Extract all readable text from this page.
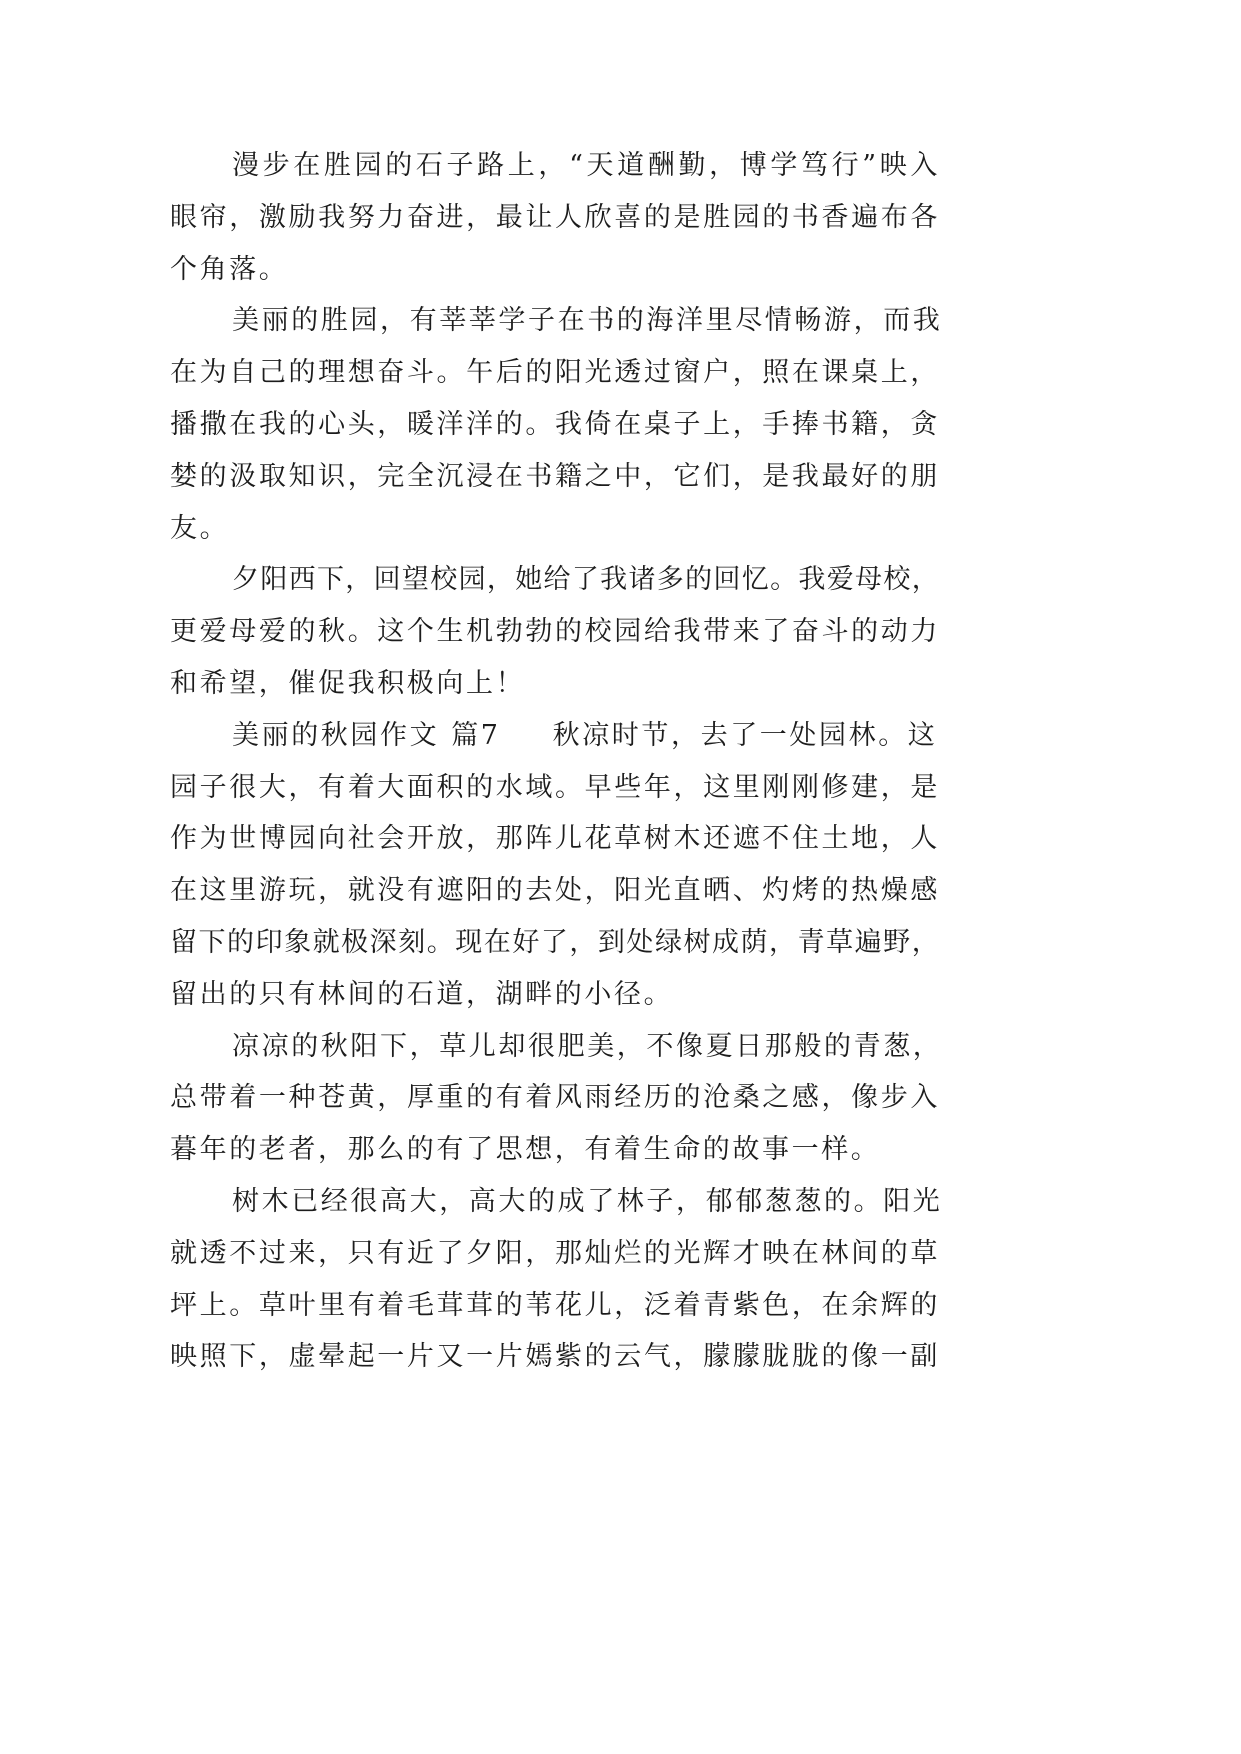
漫步在胜园的石子路上，“天道酬勤，博学笃行”映入
眼帘，激励我努力奋进，最让人欣喜的是胜园的书香遍布各
个角落。
美丽的胜园，有莘莘学子在书的海洋里尽情畅游，而我
在为自己的理想奋斗。午后的阳光透过窗户，照在课桌上，
播撒在我的心头，暖洋洋的。我倚在桌子上，手捧书籍，贪
婪的汲取知识，完全沉浸在书籍之中，它们，是我最好的朋
友。
夕阳西下，回望校园，她给了我诸多的回忆。我爱母校，
更爱母爱的秋。这个生机勃勃的校园给我带来了奋斗的动力
和希望，催促我积极向上！
美丽的秋园作文 篇7 秋凉时节，去了一处园林。这
园子很大，有着大面积的水域。早些年，这里刚刚修建，是
作为世博园向社会开放，那阵儿花草树木还遮不住土地，人
在这里游玩，就没有遮阳的去处，阳光直晒、灼烤的热燥感
留下的印象就极深刻。现在好了，到处绿树成荫，青草遍野，
留出的只有林间的石道，湖畔的小径。
凉凉的秋阳下，草儿却很肥美，不像夏日那般的青葱，
总带着一种苍黄，厚重的有着风雨经历的沧桑之感，像步入
暮年的老者，那么的有了思想，有着生命的故事一样。
树木已经很高大，高大的成了林子，郁郁葱葱的。阳光
就透不过来，只有近了夕阳，那灿烂的光辉才映在林间的草
坪上。草叶里有着毛茸茸的苇花儿，泛着青紫色，在余辉的
映照下，虚晕起一片又一片嫣紫的云气，朦朦胧胧的像一副
